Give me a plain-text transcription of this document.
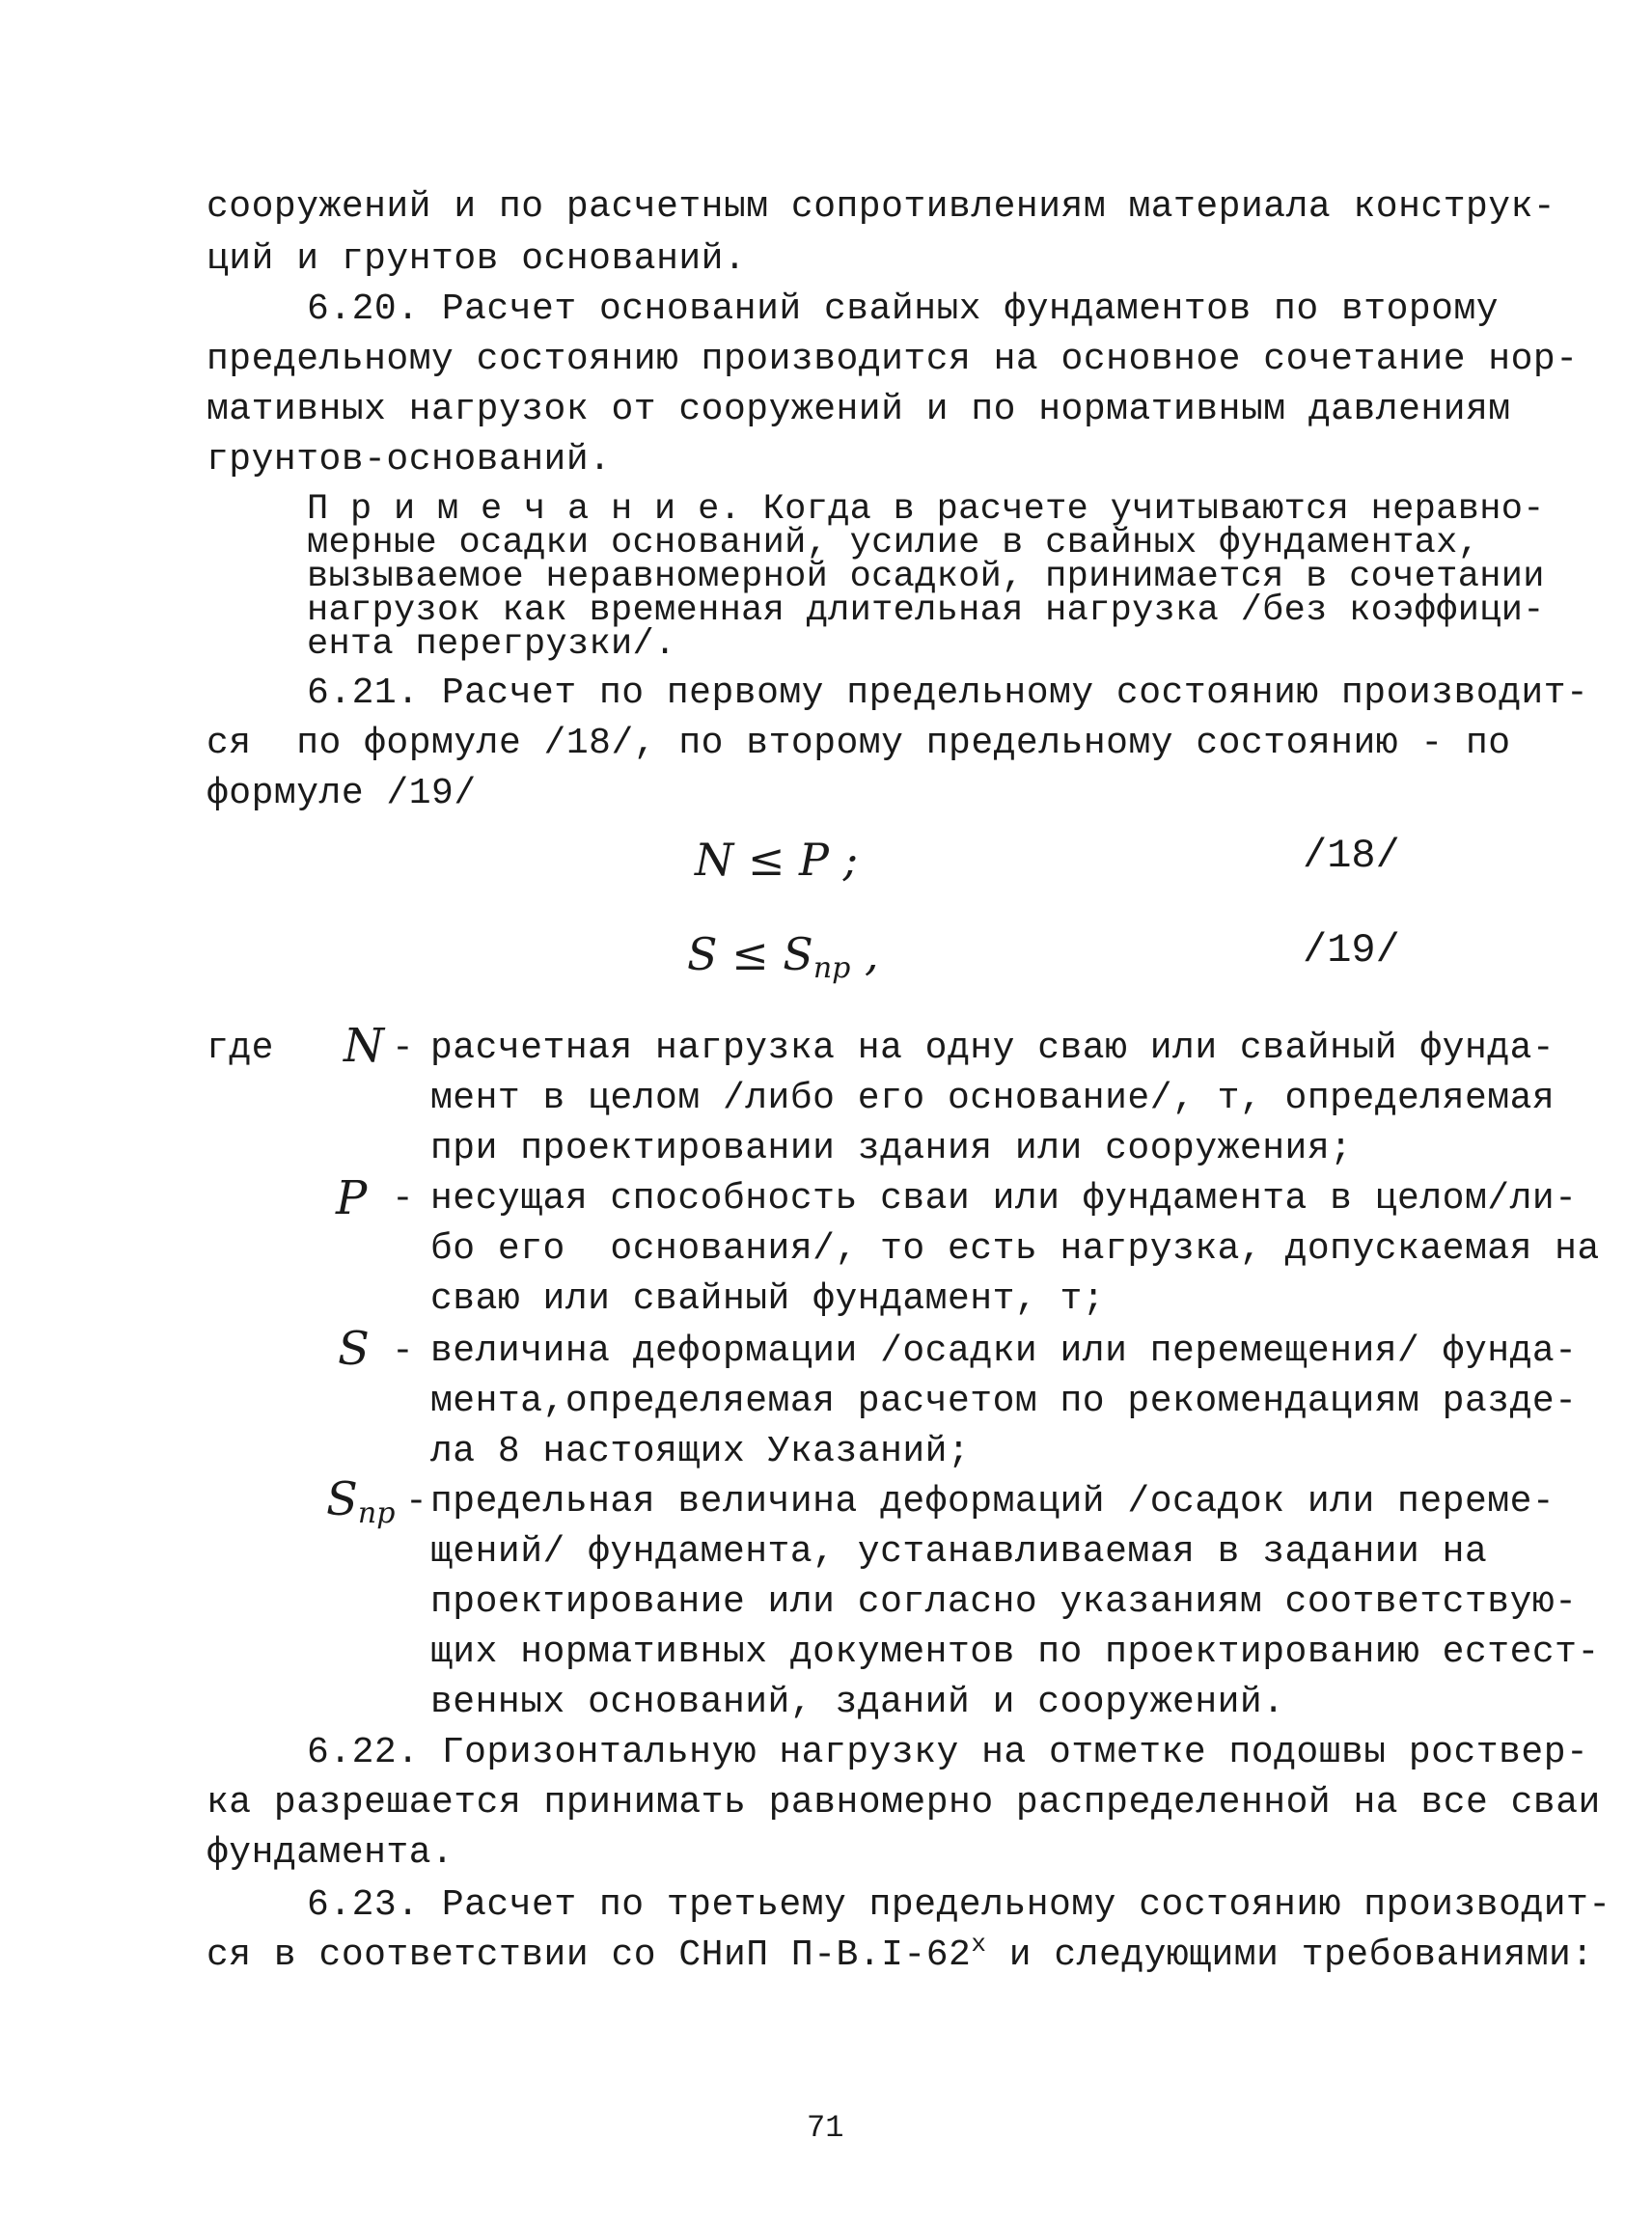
сооружений и по расчетным сопротивлениям материала конструк-
ций и грунтов оснований.
6.20. Расчет оснований свайных фундаментов по второму
предельному состоянию производится на основное сочетание нор-
мативных нагрузок от сооружений и по нормативным давлениям
грунтов-оснований.
П р и м е ч а н и е. Когда в расчете учитываются неравно-
мерные осадки оснований, усилие в свайных фундаментах,
вызываемое неравномерной осадкой, принимается в сочетании
нагрузок как временная длительная нагрузка /без коэффици-
ента перегрузки/.
6.21. Расчет по первому предельному состоянию производит-
ся  по формуле /18/, по второму предельному состоянию - по
формуле /19/
N ≤ P ;	/18/
S ≤ Sпр ,	/19/
где N - расчетная нагрузка на одну сваю или свайный фунда-
мент в целом /либо его основание/, т, определяемая
при проектировании здания или сооружения;
P - несущая способность сваи или фундамента в целом/ли-
бо его  основания/, то есть нагрузка, допускаемая на
сваю или свайный фундамент, т;
S - величина деформации /осадки или перемещения/ фунда-
мента,определяемая расчетом по рекомендациям разде-
ла 8 настоящих Указаний;
Sпр - предельная величина деформаций /осадок или переме-
щений/ фундамента, устанавливаемая в задании на
проектирование или согласно указаниям соответствую-
щих нормативных документов по проектированию естест-
венных оснований, зданий и сооружений.
6.22. Горизонтальную нагрузку на отметке подошвы роствер-
ка разрешается принимать равномерно распределенной на все сваи
фундамента.
6.23. Расчет по третьему предельному состоянию производит-
ся в соответствии со СНиП $П-В.I-62^х$ и следующими требованиями:
71
